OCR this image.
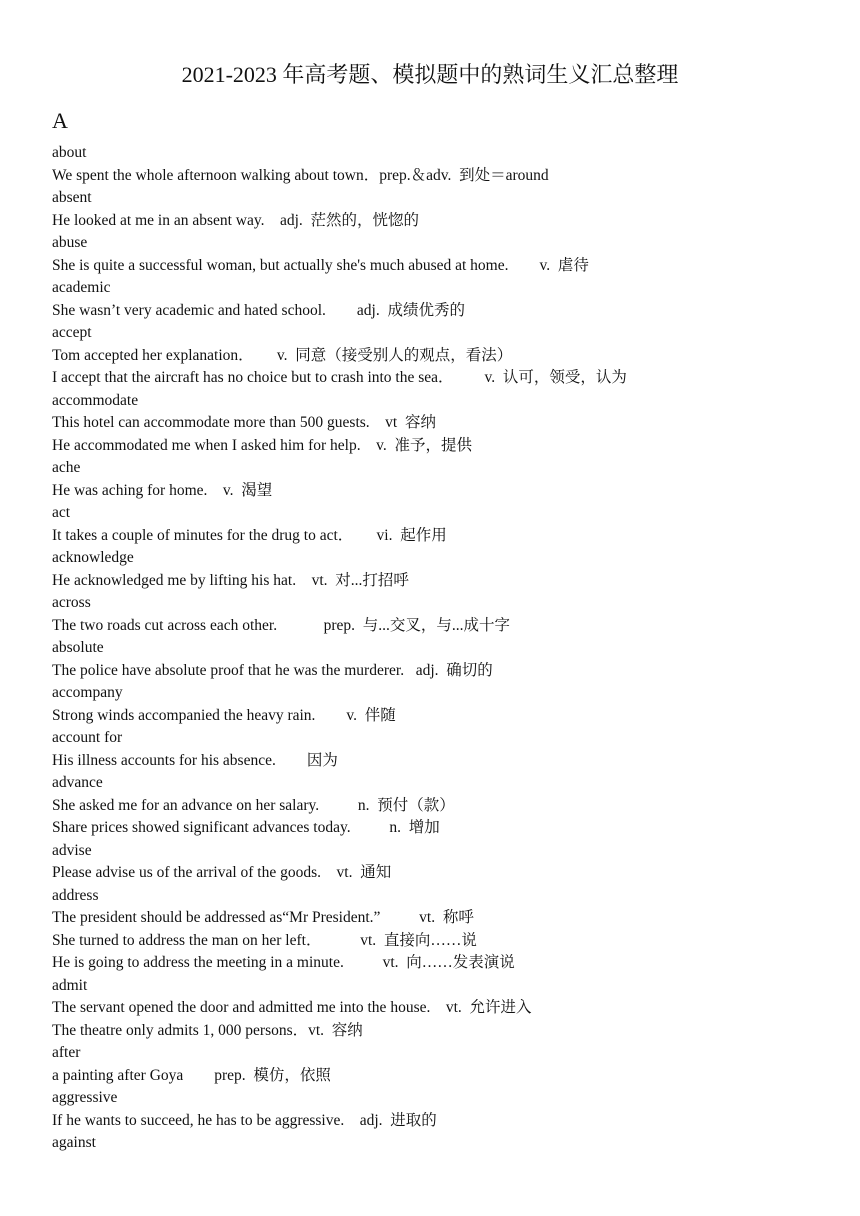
2021-2023 年高考题、模拟题中的熟词生义汇总整理
A
about
We spent the whole afternoon walking about town．prep.＆adv.  到处＝around
absent
He looked at me in an absent way.    adj.  茫然的，恍惚的
abuse
She is quite a successful woman, but actually she's much abused at home.        v.  虐待
academic
She wasn’t very academic and hated school.        adj.  成绩优秀的
accept
Tom accepted her explanation．      v.  同意（接受别人的观点，看法）
I accept that the aircraft has no choice but to crash into the sea．        v.  认可，领受，认为
accommodate
This hotel can accommodate more than 500 guests.    vt  容纳
He accommodated me when I asked him for help.    v.  准予，提供
ache
He was aching for home.    v.  渴望
act
It takes a couple of minutes for the drug to act．      vi.  起作用
acknowledge
He acknowledged me by lifting his hat.    vt.  对...打招呼
across
The two roads cut across each other.            prep.  与...交叉，与...成十字
absolute
The police have absolute proof that he was the murderer.   adj.  确切的
accompany
Strong winds accompanied the heavy rain.        v.  伴随
account for
His illness accounts for his absence.        因为
advance
She asked me for an advance on her salary.          n.  预付（款）
Share prices showed significant advances today.          n.  增加
advise
Please advise us of the arrival of the goods.    vt.  通知
address
The president should be addressed as“Mr President.”          vt.  称呼
She turned to address the man on her left．          vt.  直接向……说
He is going to address the meeting in a minute.          vt.  向……发表演说
admit
The servant opened the door and admitted me into the house.    vt.  允许进入
The theatre only admits 1, 000 persons．vt.  容纳
after
a painting after Goya        prep.  模仿，依照
aggressive
If he wants to succeed, he has to be aggressive.    adj.  进取的
against
